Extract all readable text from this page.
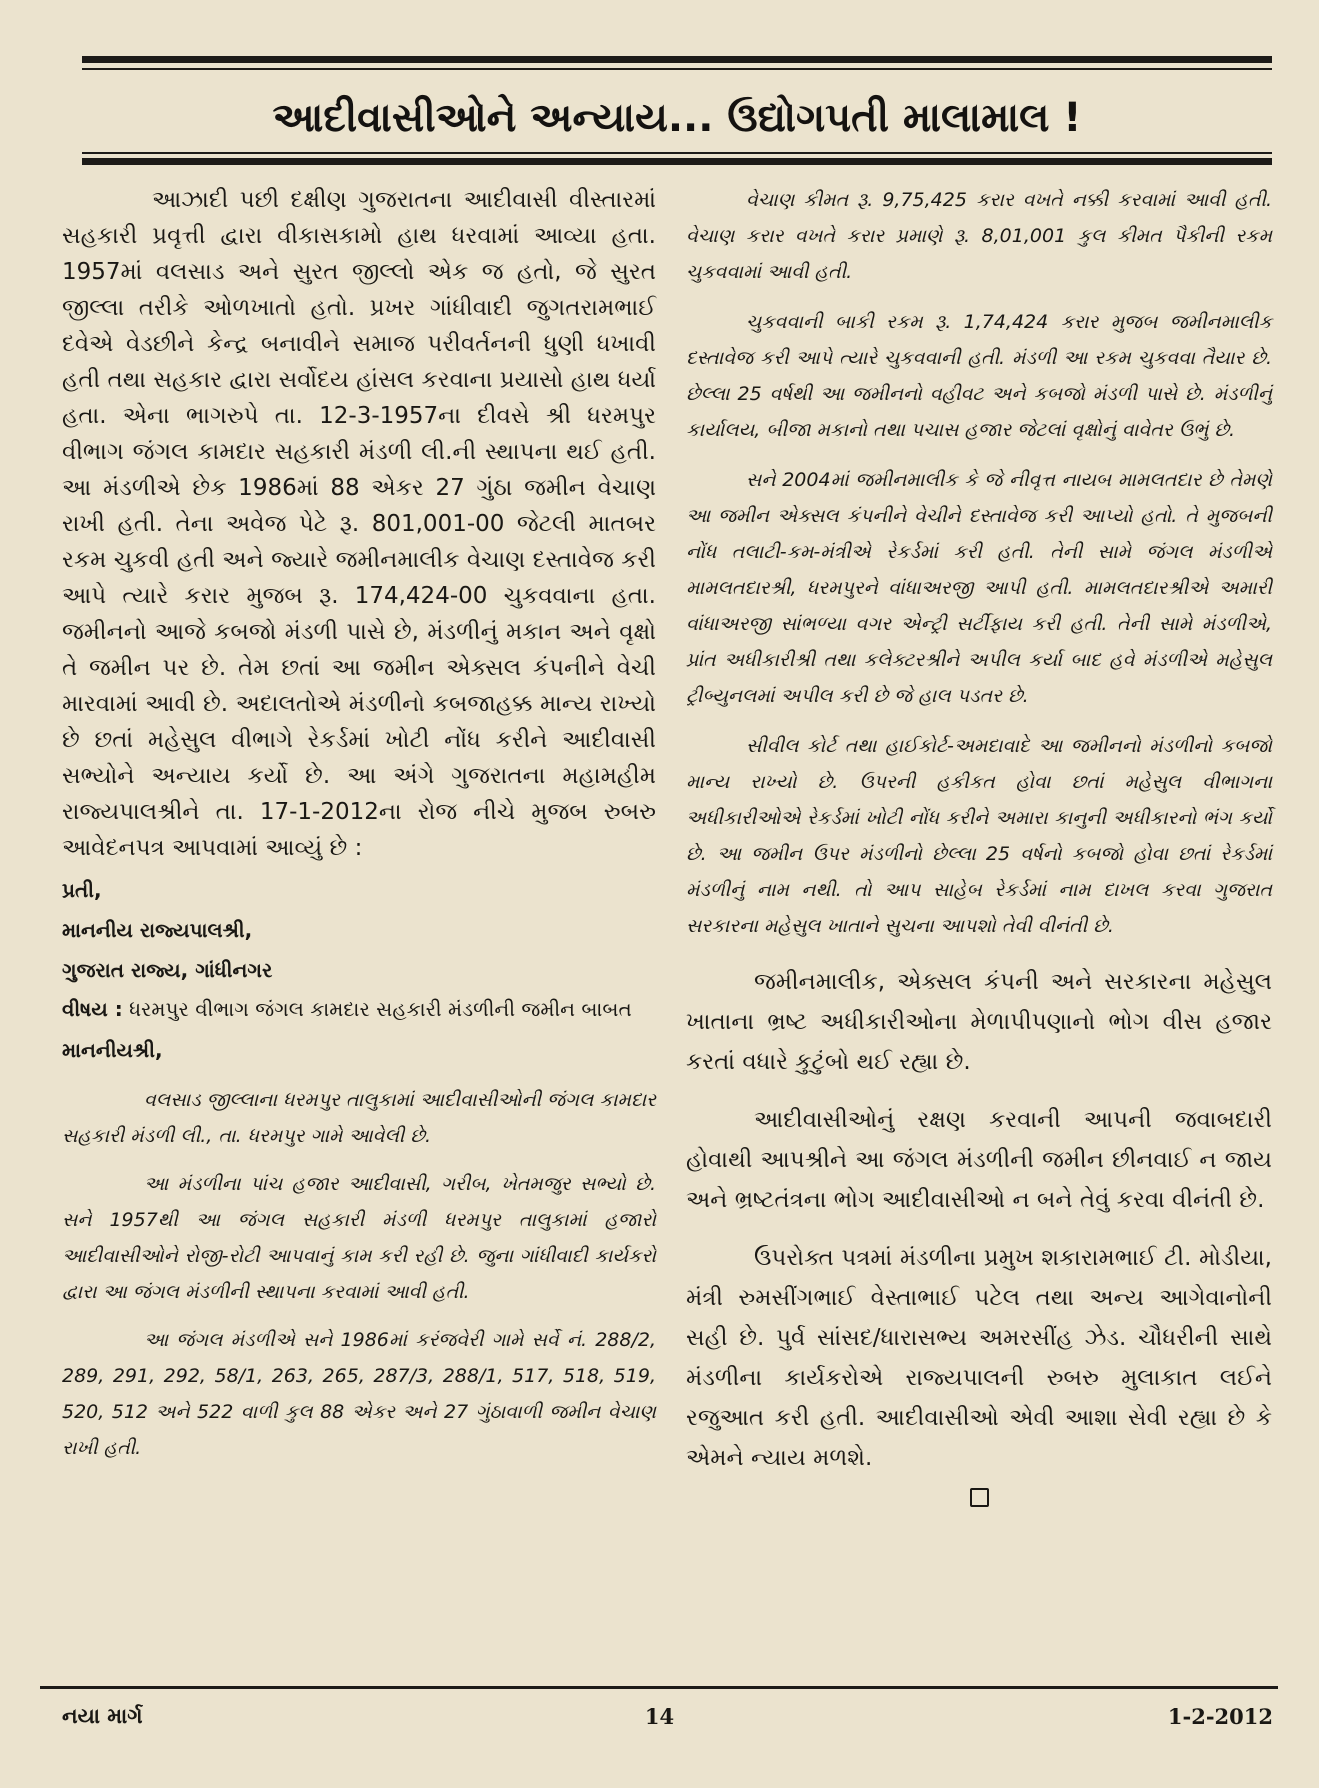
આદીવાસીઓને અન્યાય... ઉદ્યોગપતી માલામાલ !

આઝાદી પછી દક્ષીણ ગુજરાતના આદીવાસી વીસ્તારમાં સહકારી પ્રવૃત્તી દ્વારા વીકાસકામો હાથ ધરવામાં આવ્યા હતા. 1957માં વલસાડ અને સુરત જીલ્લો એક જ હતો, જે સુરત જીલ્લા તરીકે ઓળખાતો હતો. પ્રખર ગાંધીવાદી જુગતરામભાઈ દવેએ વેડછીને કેન્દ્ર બનાવીને સમાજ પરીવર્તનની ધુણી ધખાવી હતી તથા સહકાર દ્વારા સર્વોદય હાંસલ કરવાના પ્રયાસો હાથ ધર્યા હતા. એના ભાગરુપે તા. 12-3-1957ના દીવસે શ્રી ધરમપુર વીભાગ જંગલ કામદાર સહકારી મંડળી લી.ની સ્થાપના થઈ હતી. આ મંડળીએ છેક 1986માં 88 એકર 27 ગુંઠા જમીન વેચાણ રાખી હતી. તેના અવેજ પેટે રૂ. 801,001-00 જેટલી માતબર રકમ ચુકવી હતી અને જ્યારે જમીનમાલીક વેચાણ દસ્તાવેજ કરી આપે ત્યારે કરાર મુજબ રૂ. 174,424-00 ચુકવવાના હતા. જમીનનો આજે કબજો મંડળી પાસે છે, મંડળીનું મકાન અને વૃક્ષો તે જમીન પર છે. તેમ છતાં આ જમીન એક્સલ કંપનીને વેચી મારવામાં આવી છે. અદાલતોએ મંડળીનો કબજાહક્ક માન્ય રાખ્યો છે છતાં મહેસુલ વીભાગે રેકર્ડમાં ખોટી નોંધ કરીને આદીવાસી સભ્યોને અન્યાય કર્યો છે. આ અંગે ગુજરાતના મહામહીમ રાજ્યપાલશ્રીને તા. 17-1-2012ના રોજ નીચે મુજબ રુબરુ આવેદનપત્ર આપવામાં આવ્યું છે :

પ્રતી,
માનનીય રાજ્યપાલશ્રી,
ગુજરાત રાજ્ય, ગાંધીનગર
વીષય : ધરમપુર વીભાગ જંગલ કામદાર સહકારી મંડળીની જમીન બાબત
માનનીયશ્રી,

વલસાડ જીલ્લાના ધરમપુર તાલુકામાં આદીવાસીઓની જંગલ કામદાર સહકારી મંડળી લી., તા. ધરમપુર ગામે આવેલી છે.

આ મંડળીના પાંચ હજાર આદીવાસી, ગરીબ, ખેતમજુર સભ્યો છે. સને 1957થી આ જંગલ સહકારી મંડળી ધરમપુર તાલુકામાં હજારો આદીવાસીઓને રોજી-રોટી આપવાનું કામ કરી રહી છે. જુના ગાંધીવાદી કાર્યકરો દ્વારા આ જંગલ મંડળીની સ્થાપના કરવામાં આવી હતી.

આ જંગલ મંડળીએ સને 1986માં કરંજવેરી ગામે સર્વે નં. 288/2, 289, 291, 292, 58/1, 263, 265, 287/3, 288/1, 517, 518, 519, 520, 512 અને 522 વાળી કુલ 88 એકર અને 27 ગુંઠાવાળી જમીન વેચાણ રાખી હતી.

વેચાણ કીમત રૂ. 9,75,425 કરાર વખતે નક્કી કરવામાં આવી હતી. વેચાણ કરાર વખતે કરાર પ્રમાણે રૂ. 8,01,001 કુલ કીમત પૈકીની રકમ ચુકવવામાં આવી હતી.

ચુકવવાની બાકી રકમ રૂ. 1,74,424 કરાર મુજબ જમીનમાલીક દસ્તાવેજ કરી આપે ત્યારે ચુકવવાની હતી. મંડળી આ રકમ ચુકવવા તૈયાર છે. છેલ્લા 25 વર્ષથી આ જમીનનો વહીવટ અને કબજો મંડળી પાસે છે. મંડળીનું કાર્યાલય, બીજા મકાનો તથા પચાસ હજાર જેટલાં વૃક્ષોનું વાવેતર ઉભું છે.

સને 2004માં જમીનમાલીક કે જે નીવૃત્ત નાયબ મામલતદાર છે તેમણે આ જમીન એક્સલ કંપનીને વેચીને દસ્તાવેજ કરી આપ્યો હતો. તે મુજબની નોંધ તલાટી-કમ-મંત્રીએ રેકર્ડમાં કરી હતી. તેની સામે જંગલ મંડળીએ મામલતદારશ્રી, ધરમપુરને વાંધાઅરજી આપી હતી. મામલતદારશ્રીએ અમારી વાંધાઅરજી સાંભળ્યા વગર એન્ટ્રી સર્ટીફાય કરી હતી. તેની સામે મંડળીએ, પ્રાંત અધીકારીશ્રી તથા કલેક્ટરશ્રીને અપીલ કર્યા બાદ હવે મંડળીએ મહેસુલ ટ્રીબ્યુનલમાં અપીલ કરી છે જે હાલ પડતર છે.

સીવીલ કોર્ટ તથા હાઈકોર્ટ-અમદાવાદે આ જમીનનો મંડળીનો કબજો માન્ય રાખ્યો છે. ઉપરની હકીકત હોવા છતાં મહેસુલ વીભાગના અધીકારીઓએ રેકર્ડમાં ખોટી નોંધ કરીને અમારા કાનુની અધીકારનો ભંગ કર્યો છે. આ જમીન ઉપર મંડળીનો છેલ્લા 25 વર્ષનો કબજો હોવા છતાં રેકર્ડમાં મંડળીનું નામ નથી. તો આપ સાહેબ રેકર્ડમાં નામ દાખલ કરવા ગુજરાત સરકારના મહેસુલ ખાતાને સુચના આપશો તેવી વીનંતી છે.

જમીનમાલીક, એક્સલ કંપની અને સરકારના મહેસુલ ખાતાના ભ્રષ્ટ અધીકારીઓના મેળાપીપણાનો ભોગ વીસ હજાર કરતાં વધારે કુટુંબો થઈ રહ્યા છે.

આદીવાસીઓનું રક્ષણ કરવાની આપની જવાબદારી હોવાથી આપશ્રીને આ જંગલ મંડળીની જમીન છીનવાઈ ન જાય અને ભ્રષ્ટતંત્રના ભોગ આદીવાસીઓ ન બને તેવું કરવા વીનંતી છે.

ઉપરોક્ત પત્રમાં મંડળીના પ્રમુખ શકારામભાઈ ટી. મોડીયા, મંત્રી રુમસીંગભાઈ વેસ્તાભાઈ પટેલ તથા અન્ય આગેવાનોની સહી છે. પુર્વ સાંસદ/ધારાસભ્ય અમરસીંહ ઝેડ. ચૌધરીની સાથે મંડળીના કાર્યકરોએ રાજ્યપાલની રુબરુ મુલાકાત લઈને રજુઆત કરી હતી. આદીવાસીઓ એવી આશા સેવી રહ્યા છે કે એમને ન્યાય મળશે.

નયા માર્ગ	14	1-2-2012
